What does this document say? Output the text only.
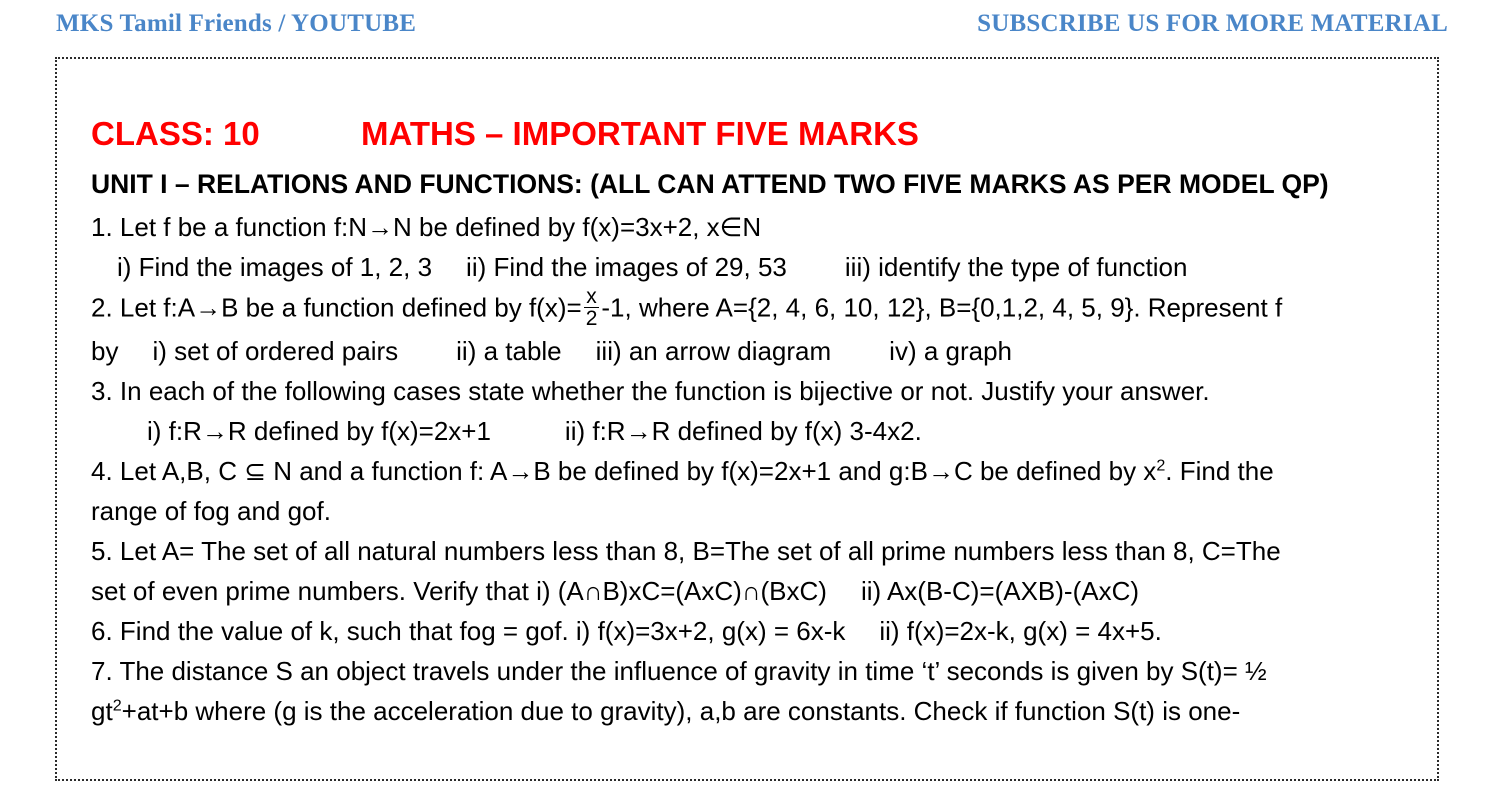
MKS Tamil Friends / YOUTUBE	SUBSCRIBE US FOR MORE MATERIAL
CLASS: 10	MATHS – IMPORTANT FIVE MARKS
UNIT I – RELATIONS AND FUNCTIONS: (ALL CAN ATTEND TWO FIVE MARKS AS PER MODEL QP)

1. Let f be a function f:N→N be defined by f(x)=3x+2, x∈N

i) Find the images of 1, 2, 3 ii) Find the images of 29, 53 iii) identify the type of function

2. Let f:A→B be a function defined by $f(x)= \frac{x}{2} -1$, where A={2, 4, 6, 10, 12}, B={0,1,2, 4, 5, 9}. Represent f

by i) set of ordered pairs ii) a table iii) an arrow diagram iv) a graph

3. In each of the following cases state whether the function is bijective or not. Justify your answer.

i) f:R→R defined by f(x)=2x+1	ii) f:R→R defined by f(x) 3-4x2.

4. Let A,B, C ⊆ N and a function f: A→B be defined by f(x)=2x+1 and g:B→C be defined by $x^2$. Find the

range of fog and gof.

5. Let A= The set of all natural numbers less than 8, B=The set of all prime numbers less than 8, C=The

set of even prime numbers. Verify that i) (A∩B)xC=(AxC)∩(BxC) ii) Ax(B-C)=(AXB)-(AxC)

6. Find the value of k, such that fog = gof. i) f(x)=3x+2, g(x) = 6x-k ii) f(x)=2x-k, g(x) = 4x+5.

7. The distance S an object travels under the influence of gravity in time ‘t’ seconds is given by S(t)= ½

$gt^2+at+b$ where (g is the acceleration due to gravity), a,b are constants. Check if function S(t) is one-
